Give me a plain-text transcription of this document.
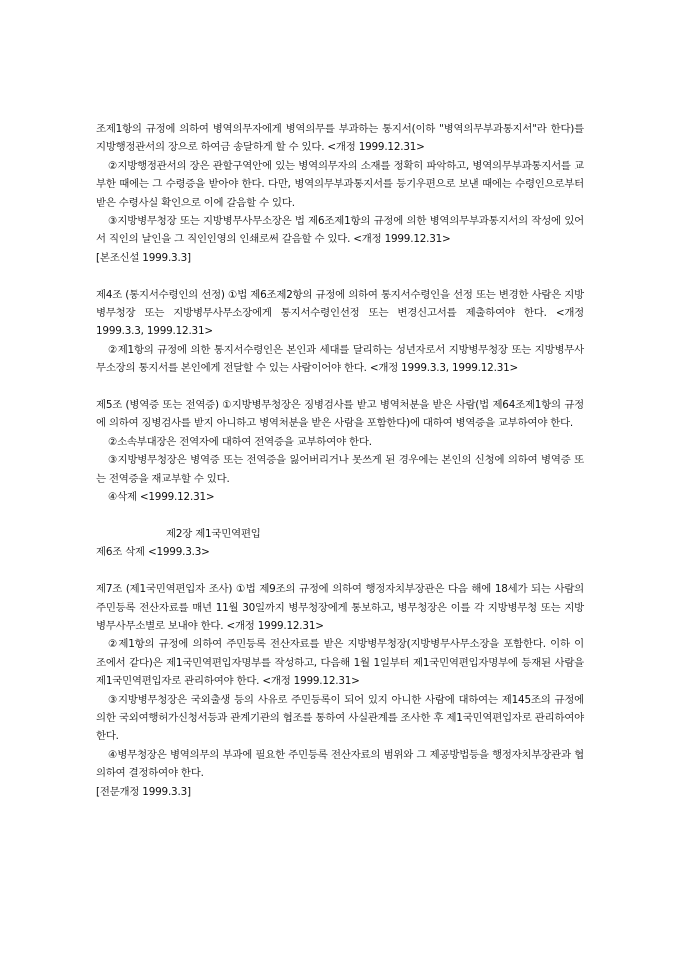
조제1항의 규정에 의하여 병역의무자에게 병역의무를 부과하는 통지서(이하 "병역의무부과통지서"라 한다)를 지방행정관서의 장으로 하여금 송달하게 할 수 있다. <개정 1999.12.31>

②지방행정관서의 장은 관할구역안에 있는 병역의무자의 소재를 정확히 파악하고, 병역의무부과통지서를 교부한 때에는 그 수령증을 받아야 한다. 다만, 병역의무부과통지서를 등기우편으로 보낸 때에는 수령인으로부터 받은 수령사실 확인으로 이에 갈음할 수 있다.

③지방병무청장 또는 지방병무사무소장은 법 제6조제1항의 규정에 의한 병역의무부과통지서의 작성에 있어서 직인의 날인을 그 직인인영의 인쇄로써 갈음할 수 있다. <개정 1999.12.31>

[본조신설 1999.3.3]

제4조 (통지서수령인의 선정) ①법 제6조제2항의 규정에 의하여 통지서수령인을 선정 또는 변경한 사람은 지방병무청장 또는 지방병무사무소장에게 통지서수령인선정 또는 변경신고서를 제출하여야 한다. <개정 1999.3.3, 1999.12.31>

②제1항의 규정에 의한 통지서수령인은 본인과 세대를 달리하는 성년자로서 지방병무청장 또는 지방병무사무소장의 통지서를 본인에게 전달할 수 있는 사람이어야 한다. <개정 1999.3.3, 1999.12.31>

제5조 (병역증 또는 전역증) ①지방병무청장은 징병검사를 받고 병역처분을 받은 사람(법 제64조제1항의 규정에 의하여 징병검사를 받지 아니하고 병역처분을 받은 사람을 포함한다)에 대하여 병역증을 교부하여야 한다.

②소속부대장은 전역자에 대하여 전역증을 교부하여야 한다.

③지방병무청장은 병역증 또는 전역증을 잃어버리거나 못쓰게 된 경우에는 본인의 신청에 의하여 병역증 또는 전역증을 재교부할 수 있다.

④삭제 <1999.12.31>

제2장 제1국민역편입

제6조 삭제 <1999.3.3>

제7조 (제1국민역편입자 조사) ①법 제9조의 규정에 의하여 행정자치부장관은 다음 해에 18세가 되는 사람의 주민등록 전산자료를 매년 11월 30일까지 병무청장에게 통보하고, 병무청장은 이를 각 지방병무청 또는 지방병무사무소별로 보내야 한다. <개정 1999.12.31>

②제1항의 규정에 의하여 주민등록 전산자료를 받은 지방병무청장(지방병무사무소장을 포함한다. 이하 이 조에서 같다)은 제1국민역편입자명부를 작성하고, 다음해 1월 1일부터 제1국민역편입자명부에 등재된 사람을 제1국민역편입자로 관리하여야 한다. <개정 1999.12.31>

③지방병무청장은 국외출생 등의 사유로 주민등록이 되어 있지 아니한 사람에 대하여는 제145조의 규정에 의한 국외여행허가신청서등과 관계기관의 협조를 통하여 사실관계를 조사한 후 제1국민역편입자로 관리하여야 한다.

④병무청장은 병역의무의 부과에 필요한 주민등록 전산자료의 범위와 그 제공방법등을 행정자치부장관과 협의하여 결정하여야 한다.

[전문개정 1999.3.3]
